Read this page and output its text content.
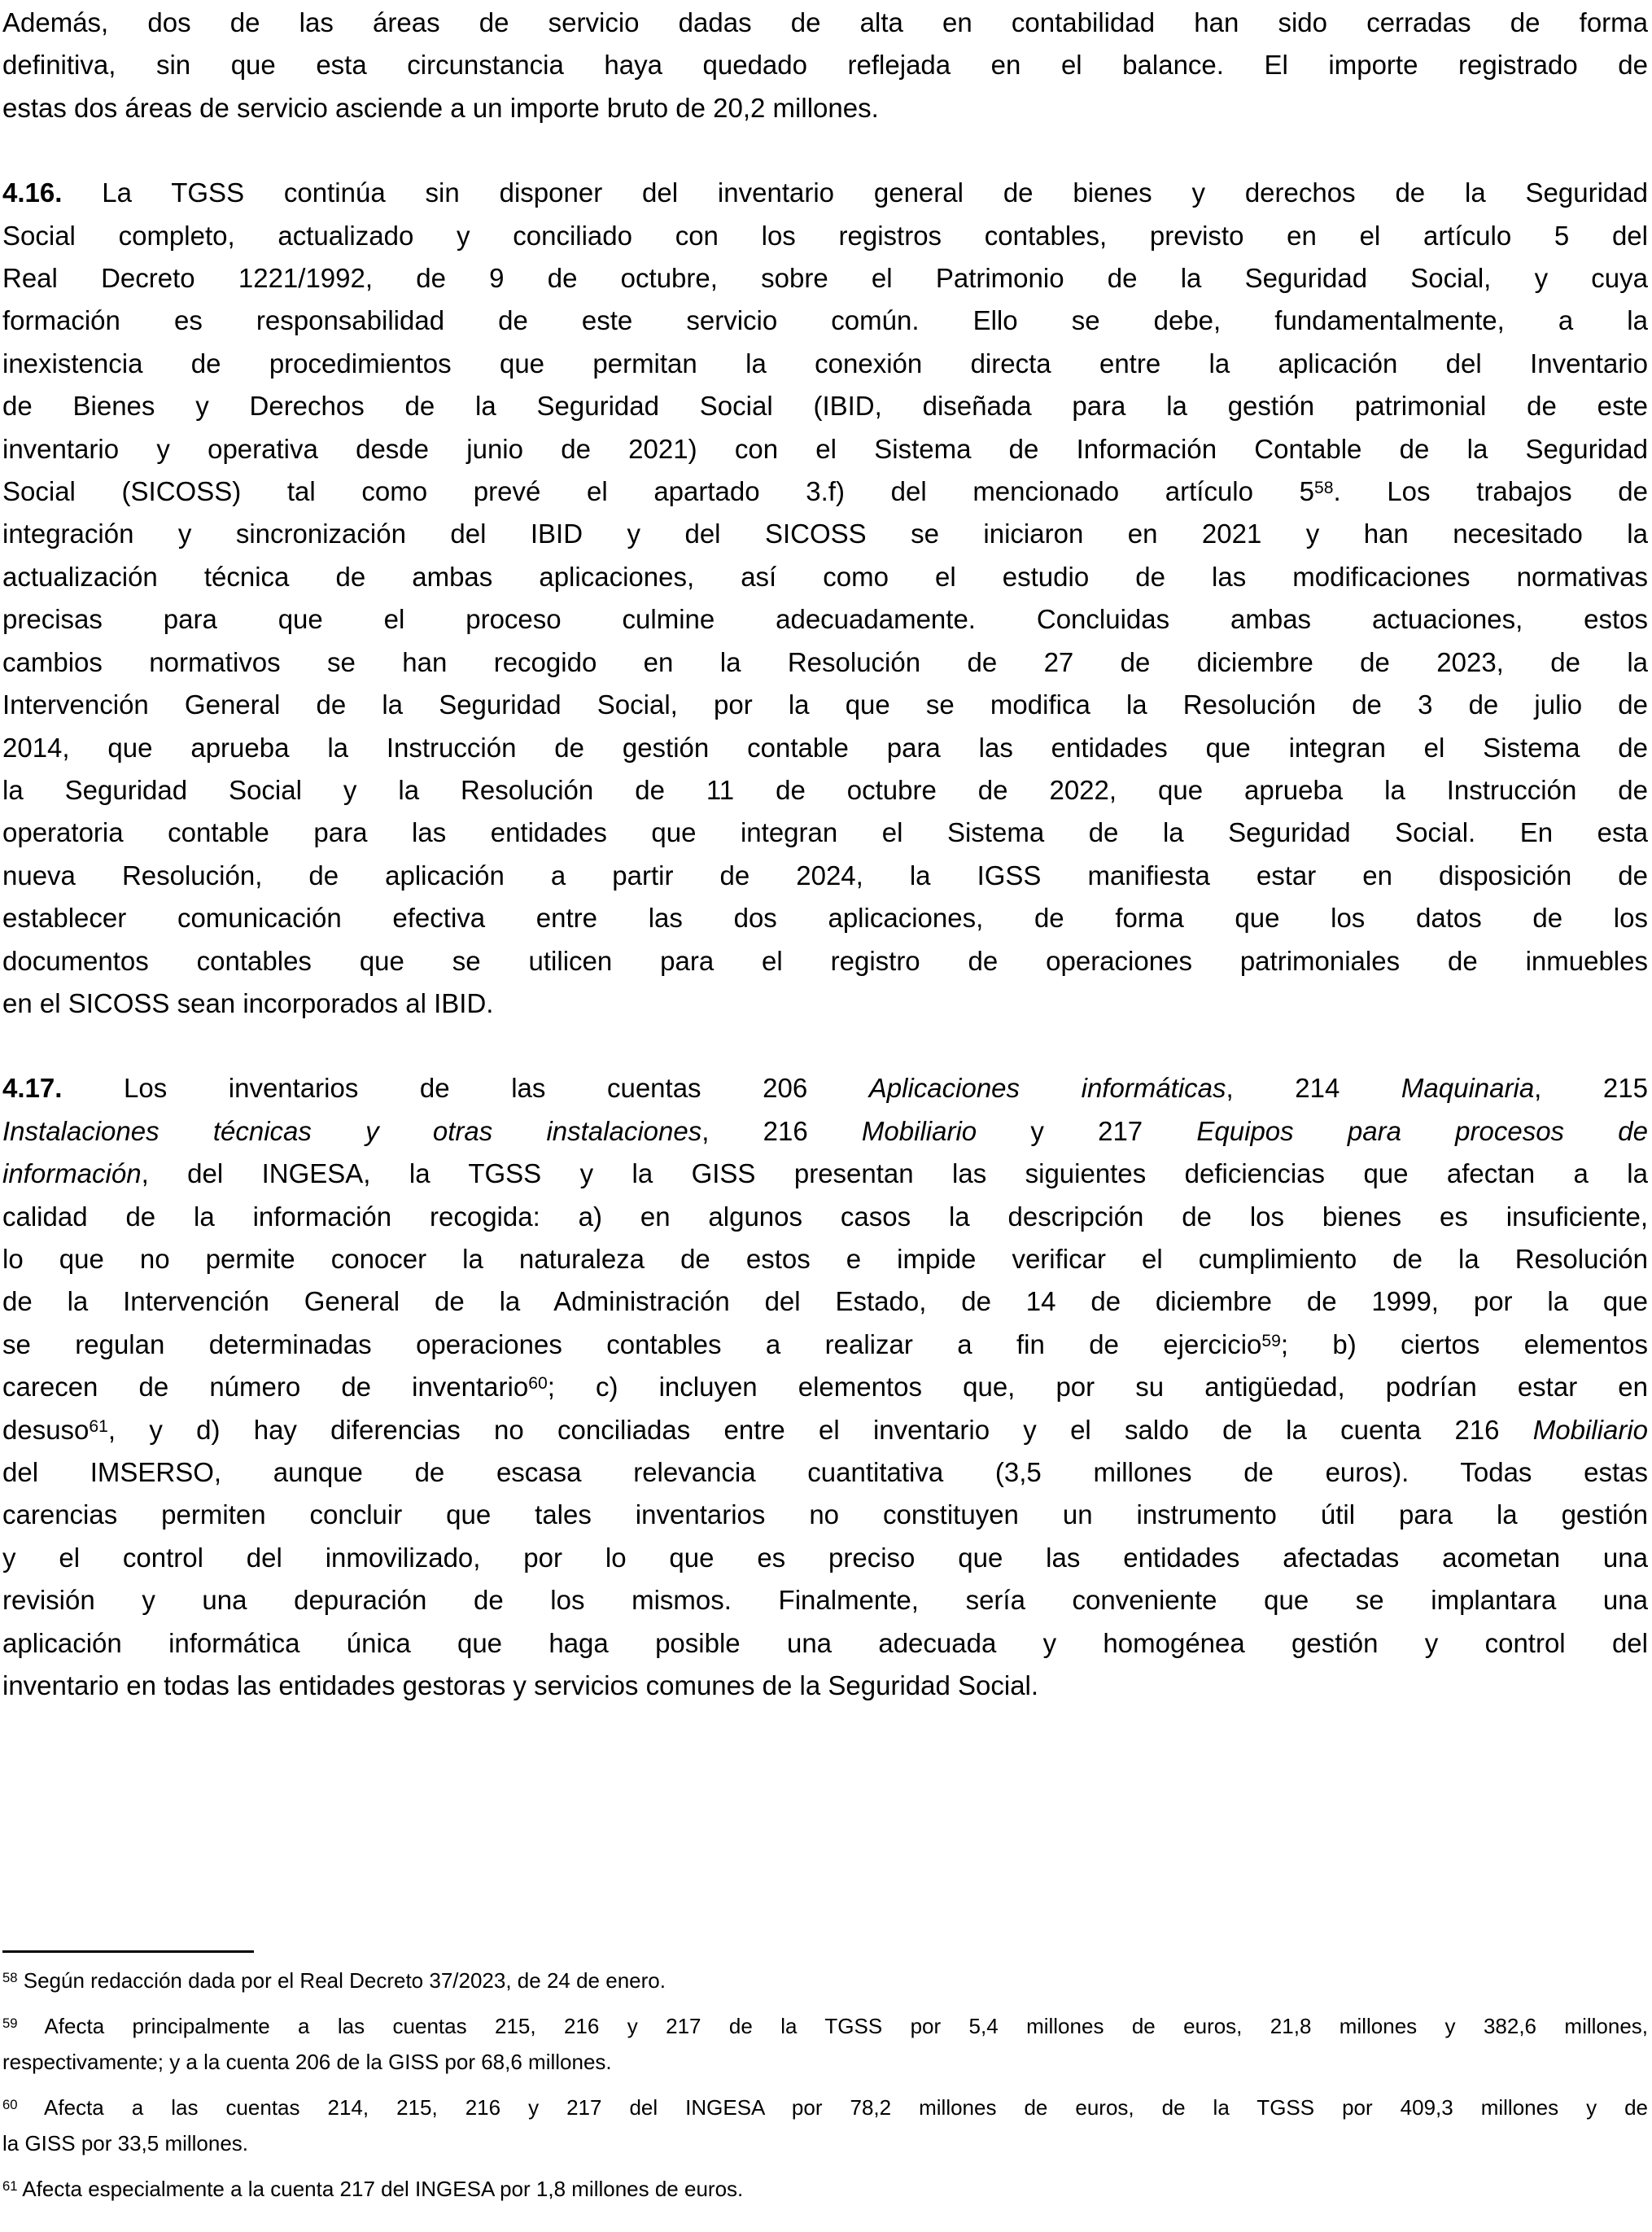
Además, dos de las áreas de servicio dadas de alta en contabilidad han sido cerradas de forma
definitiva, sin que esta circunstancia haya quedado reflejada en el balance. El importe registrado de
estas dos áreas de servicio asciende a un importe bruto de 20,2 millones.
4.16. La TGSS continúa sin disponer del inventario general de bienes y derechos de la Seguridad
Social completo, actualizado y conciliado con los registros contables, previsto en el artículo 5 del
Real Decreto 1221/1992, de 9 de octubre, sobre el Patrimonio de la Seguridad Social, y cuya
formación es responsabilidad de este servicio común. Ello se debe, fundamentalmente, a la
inexistencia de procedimientos que permitan la conexión directa entre la aplicación del Inventario
de Bienes y Derechos de la Seguridad Social (IBID, diseñada para la gestión patrimonial de este
inventario y operativa desde junio de 2021) con el Sistema de Información Contable de la Seguridad
Social (SICOSS) tal como prevé el apartado 3.f) del mencionado artículo $5^{58}$. Los trabajos de
integración y sincronización del IBID y del SICOSS se iniciaron en 2021 y han necesitado la
actualización técnica de ambas aplicaciones, así como el estudio de las modificaciones normativas
precisas para que el proceso culmine adecuadamente. Concluidas ambas actuaciones, estos
cambios normativos se han recogido en la Resolución de 27 de diciembre de 2023, de la
Intervención General de la Seguridad Social, por la que se modifica la Resolución de 3 de julio de
2014, que aprueba la Instrucción de gestión contable para las entidades que integran el Sistema de
la Seguridad Social y la Resolución de 11 de octubre de 2022, que aprueba la Instrucción de
operatoria contable para las entidades que integran el Sistema de la Seguridad Social. En esta
nueva Resolución, de aplicación a partir de 2024, la IGSS manifiesta estar en disposición de
establecer comunicación efectiva entre las dos aplicaciones, de forma que los datos de los
documentos contables que se utilicen para el registro de operaciones patrimoniales de inmuebles
en el SICOSS sean incorporados al IBID.
4.17. Los inventarios de las cuentas 206 Aplicaciones informáticas, 214 Maquinaria, 215
Instalaciones técnicas y otras instalaciones, 216 Mobiliario y 217 Equipos para procesos de
información, del INGESA, la TGSS y la GISS presentan las siguientes deficiencias que afectan a la
calidad de la información recogida: a) en algunos casos la descripción de los bienes es insuficiente,
lo que no permite conocer la naturaleza de estos e impide verificar el cumplimiento de la Resolución
de la Intervención General de la Administración del Estado, de 14 de diciembre de 1999, por la que
se regulan determinadas operaciones contables a realizar a fin de ejercicio$^{59}$; b) ciertos elementos
carecen de número de inventario$^{60}$; c) incluyen elementos que, por su antigüedad, podrían estar en
desuso$^{61}$, y d) hay diferencias no conciliadas entre el inventario y el saldo de la cuenta 216 Mobiliario
del IMSERSO, aunque de escasa relevancia cuantitativa (3,5 millones de euros). Todas estas
carencias permiten concluir que tales inventarios no constituyen un instrumento útil para la gestión
y el control del inmovilizado, por lo que es preciso que las entidades afectadas acometan una
revisión y una depuración de los mismos. Finalmente, sería conveniente que se implantara una
aplicación informática única que haga posible una adecuada y homogénea gestión y control del
inventario en todas las entidades gestoras y servicios comunes de la Seguridad Social.
$^{58}$ Según redacción dada por el Real Decreto 37/2023, de 24 de enero.
$^{59}$ Afecta principalmente a las cuentas 215, 216 y 217 de la TGSS por 5,4 millones de euros, 21,8 millones y 382,6 millones,
respectivamente; y a la cuenta 206 de la GISS por 68,6 millones.
$^{60}$ Afecta a las cuentas 214, 215, 216 y 217 del INGESA por 78,2 millones de euros, de la TGSS por 409,3 millones y de
la GISS por 33,5 millones.
$^{61}$ Afecta especialmente a la cuenta 217 del INGESA por 1,8 millones de euros.
